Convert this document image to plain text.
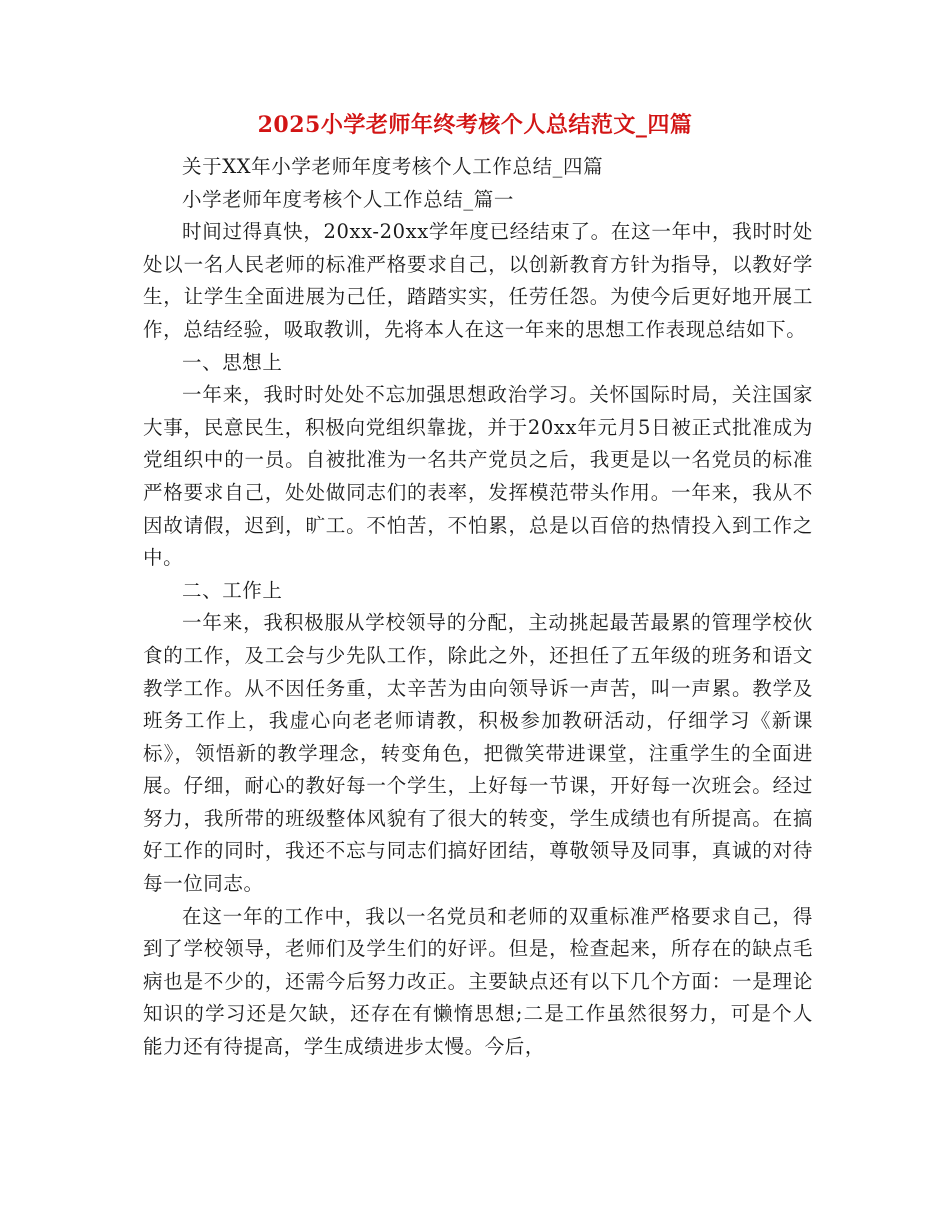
2025小学老师年终考核个人总结范文_四篇

关于XX年小学老师年度考核个人工作总结_四篇

小学老师年度考核个人工作总结_篇一

时间过得真快，20xx-20xx学年度已经结束了。在这一年中，我时时处处以一名人民老师的标准严格要求自己，以创新教育方针为指导，以教好学生，让学生全面进展为己任，踏踏实实，任劳任怨。为使今后更好地开展工作，总结经验，吸取教训，先将本人在这一年来的思想工作表现总结如下。

一、思想上

一年来，我时时处处不忘加强思想政治学习。关怀国际时局，关注国家大事，民意民生，积极向党组织靠拢，并于20xx年元月5日被正式批准成为党组织中的一员。自被批准为一名共产党员之后，我更是以一名党员的标准严格要求自己，处处做同志们的表率，发挥模范带头作用。一年来，我从不因故请假，迟到，旷工。不怕苦，不怕累，总是以百倍的热情投入到工作之中。

二、工作上

一年来，我积极服从学校领导的分配，主动挑起最苦最累的管理学校伙食的工作，及工会与少先队工作，除此之外，还担任了五年级的班务和语文教学工作。从不因任务重，太辛苦为由向领导诉一声苦，叫一声累。教学及班务工作上，我虚心向老老师请教，积极参加教研活动，仔细学习《新课标》，领悟新的教学理念，转变角色，把微笑带进课堂，注重学生的全面进展。仔细，耐心的教好每一个学生，上好每一节课，开好每一次班会。经过努力，我所带的班级整体风貌有了很大的转变，学生成绩也有所提高。在搞好工作的同时，我还不忘与同志们搞好团结，尊敬领导及同事，真诚的对待每一位同志。

在这一年的工作中，我以一名党员和老师的双重标准严格要求自己，得到了学校领导，老师们及学生们的好评。但是，检查起来，所存在的缺点毛病也是不少的，还需今后努力改正。主要缺点还有以下几个方面：一是理论知识的学习还是欠缺，还存在有懒惰思想;二是工作虽然很努力，可是个人能力还有待提高，学生成绩进步太慢。今后，
